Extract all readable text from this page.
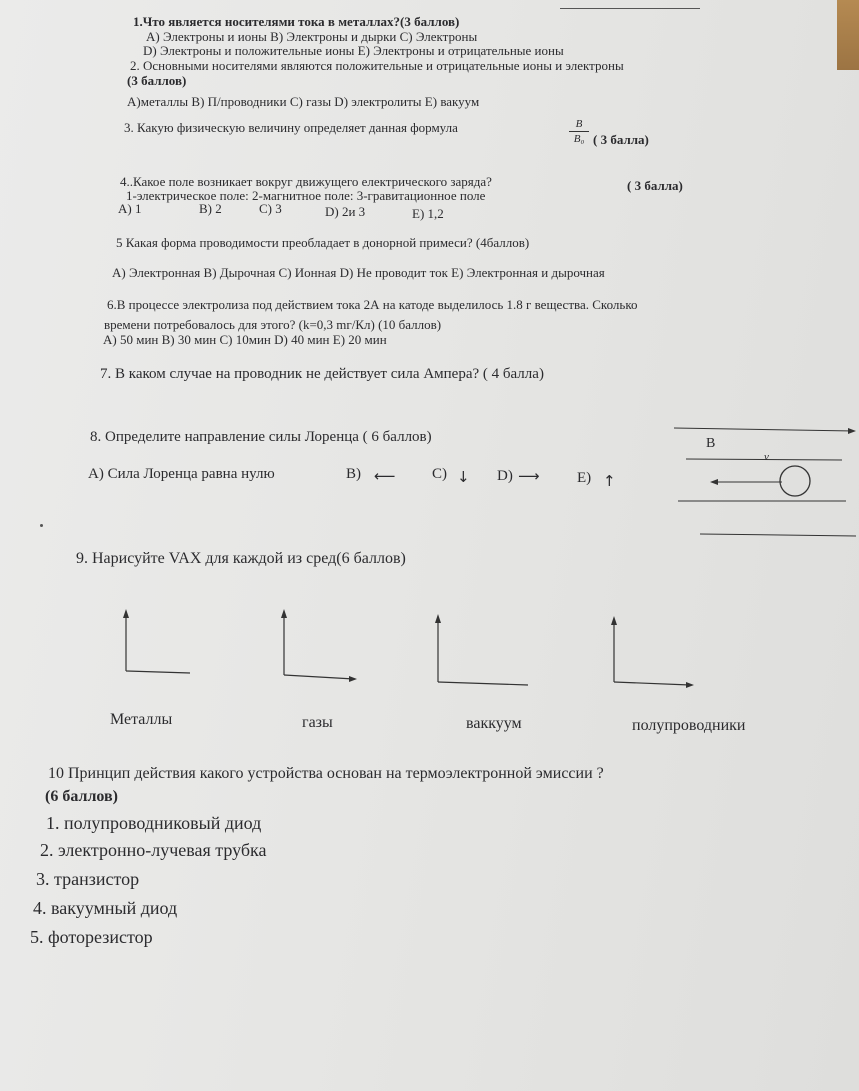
1.Что является носителями тока в металлах?(3 баллов)

А) Электроны и ионы В) Электроны и дырки С) Электроны

D) Электроны и положительные ионы E) Электроны и отрицательные ионы

2. Основными носителями являются положительные и отрицательные ионы и электроны

(3 баллов)

А)металлы В) П/проводники С) газы D) электролиты Е) вакуум

3. Какую физическую величину определяет данная формула	B
B₀ ( 3 балла)

4..Какое поле возникает вокруг движущего електрического заряда?	( 3 балла)

1-электрическое поле: 2-магнитное поле: 3-гравитационное поле

А) 1	В) 2	С) 3	D) 2и 3	Е) 1,2

5 Какая форма проводимости преобладает в донорной примеси? (4баллов)

А) Электронная В) Дырочная С) Ионная D) Не проводит ток Е) Электронная и дырочная

6.В процессе электролиза под действием тока 2А на катоде выделилось 1.8 г вещества. Сколько

времени потребовалось для этого? (k=0,3 mг/Кл) (10 баллов)

А) 50 мин В) 30 мин С) 10мин D) 40 мин Е) 20 мин

7. В каком случае на проводник не действует сила Ампера? ( 4 балла)

8. Определите направление силы Лоренца ( 6 баллов)

А) Сила Лоренца равна нулю	В) ⟵ С) ↓ D) ⟶ Е) ↑

B

v

9. Нарисуйте VAX для каждой из сред(6 баллов)

Металлы	газы	ваккуум	полупроводники

10 Принцип действия какого устройства основан на термоэлектронной эмиссии ?

(6 баллов)

1. полупроводниковый диод

2. электронно-лучевая трубка

3. транзистор

4. вакуумный диод

5. фоторезистор
